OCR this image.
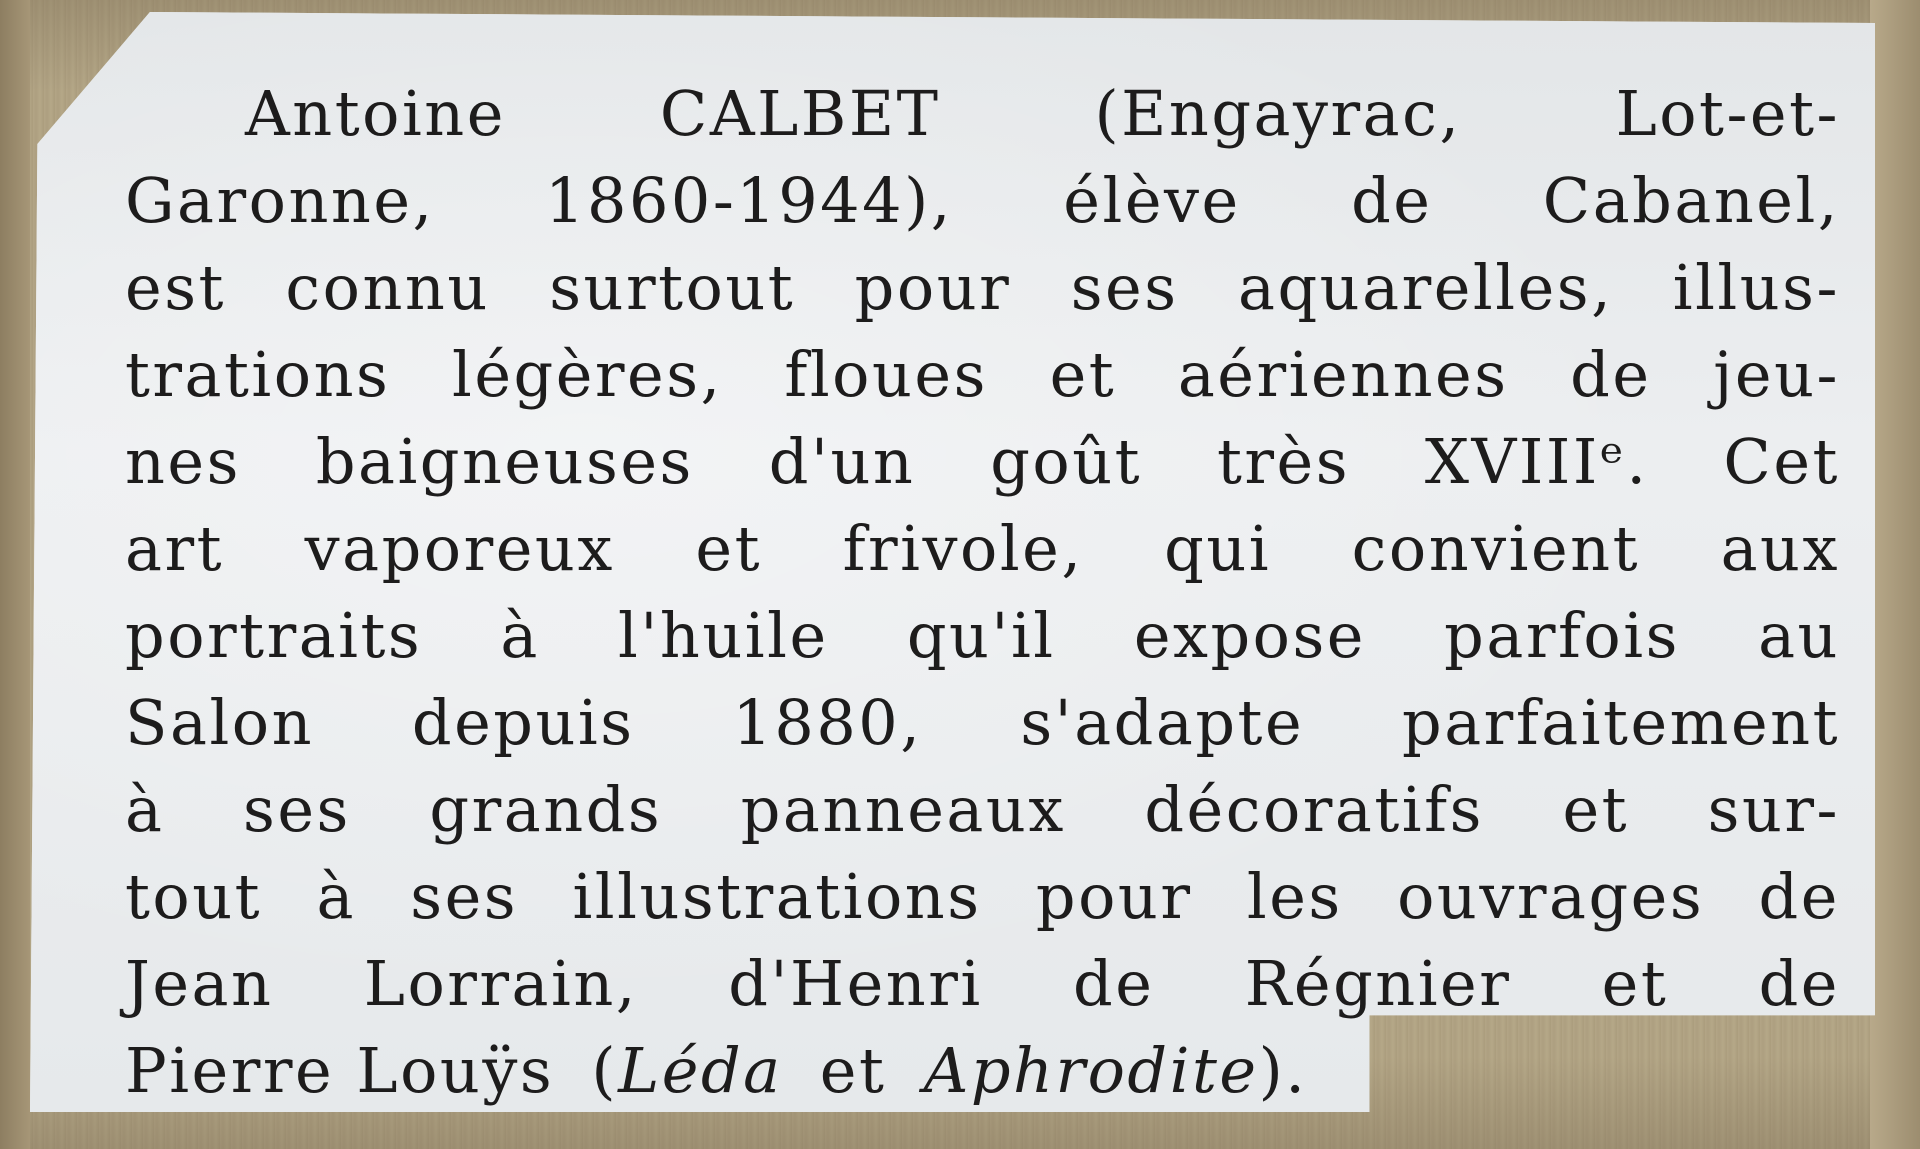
Antoine CALBET (Engayrac, Lot-et-
Garonne, 1860-1944), élève de Cabanel,
est connu surtout pour ses aquarelles, illus-
trations légères, floues et aériennes de jeu-
nes baigneuses d'un goût très XVIIIᵉ. Cet
art vaporeux et frivole, qui convient aux
portraits à l'huile qu'il expose parfois au
Salon depuis 1880, s'adapte parfaitement
à ses grands panneaux décoratifs et sur-
tout à ses illustrations pour les ouvrages de
Jean Lorrain, d'Henri de Régnier et de
Pierre Louÿs ( Léda et Aphrodite ).
